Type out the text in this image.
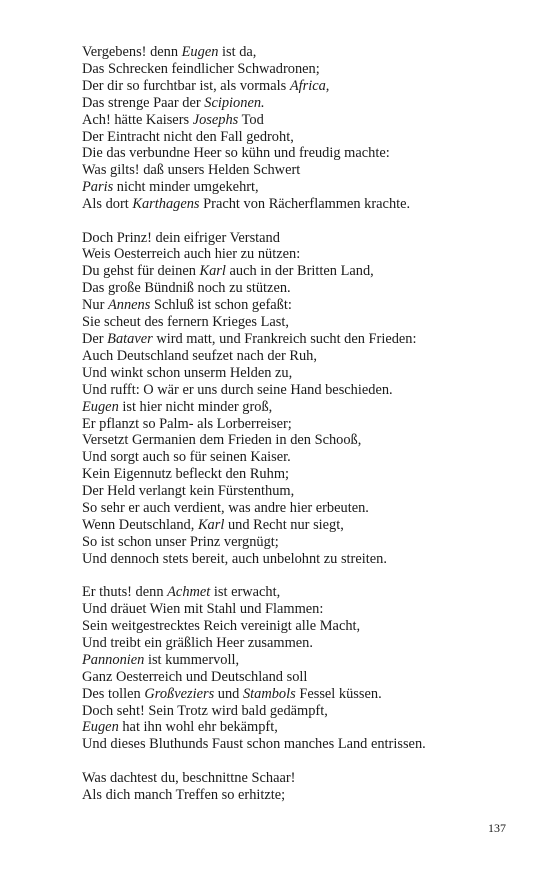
Vergebens! denn Eugen ist da,
Das Schrecken feindlicher Schwadronen;
Der dir so furchtbar ist, als vormals Africa,
Das strenge Paar der Scipionen.
Ach! hätte Kaisers Josephs Tod
Der Eintracht nicht den Fall gedroht,
Die das verbundne Heer so kühn und freudig machte:
Was gilts! daß unsers Helden Schwert
Paris nicht minder umgekehrt,
Als dort Karthagens Pracht von Rächerflammen krachte.
Doch Prinz! dein eifriger Verstand
Weis Oesterreich auch hier zu nützen:
Du gehst für deinen Karl auch in der Britten Land,
Das große Bündniß noch zu stützen.
Nur Annens Schluß ist schon gefaßt:
Sie scheut des fernern Krieges Last,
Der Bataver wird matt, und Frankreich sucht den Frieden:
Auch Deutschland seufzet nach der Ruh,
Und winkt schon unserm Helden zu,
Und rufft: O wär er uns durch seine Hand beschieden.
Eugen ist hier nicht minder groß,
Er pflanzt so Palm- als Lorberreiser;
Versetzt Germanien dem Frieden in den Schooß,
Und sorgt auch so für seinen Kaiser.
Kein Eigennutz befleckt den Ruhm;
Der Held verlangt kein Fürstenthum,
So sehr er auch verdient, was andre hier erbeuten.
Wenn Deutschland, Karl und Recht nur siegt,
So ist schon unser Prinz vergnügt;
Und dennoch stets bereit, auch unbelohnt zu streiten.
Er thuts! denn Achmet ist erwacht,
Und dräuet Wien mit Stahl und Flammen:
Sein weitgestrecktes Reich vereinigt alle Macht,
Und treibt ein gräßlich Heer zusammen.
Pannonien ist kummervoll,
Ganz Oesterreich und Deutschland soll
Des tollen Großveziers und Stambols Fessel küssen.
Doch seht! Sein Trotz wird bald gedämpft,
Eugen hat ihn wohl ehr bekämpft,
Und dieses Bluthunds Faust schon manches Land entrissen.
Was dachtest du, beschnittne Schaar!
Als dich manch Treffen so erhitzte;
137
